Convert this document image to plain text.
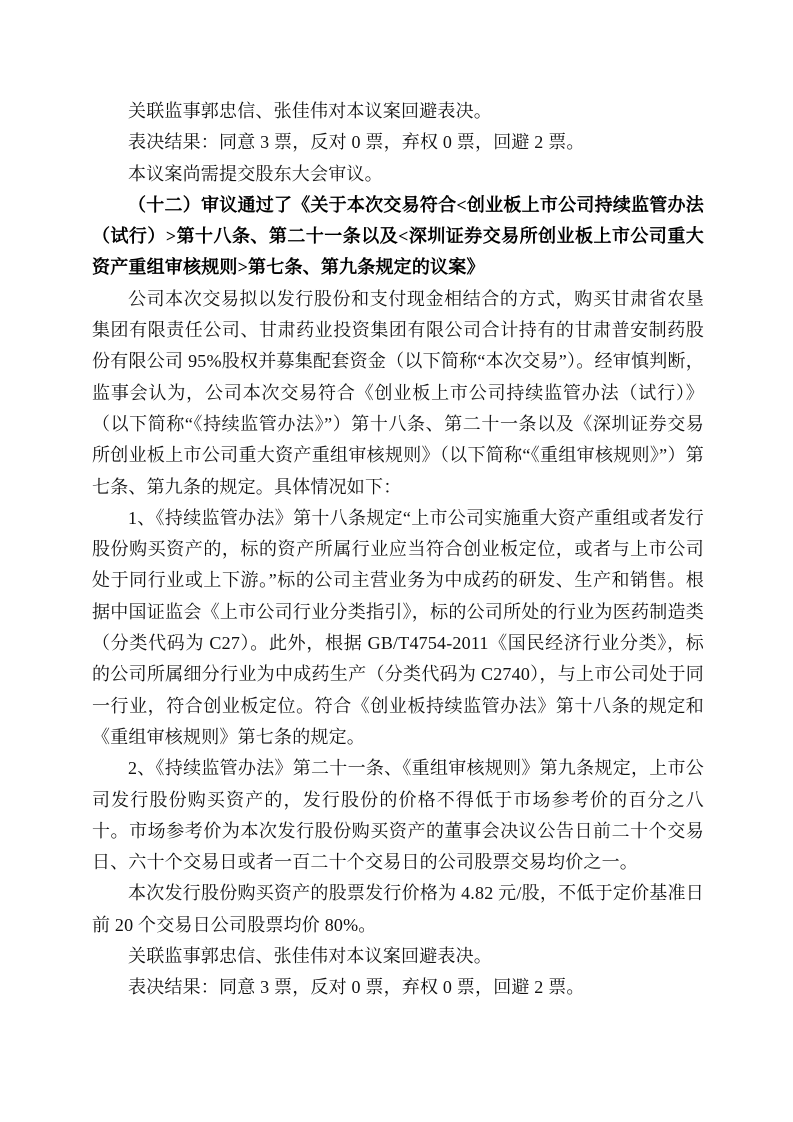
关联监事郭忠信、张佳伟对本议案回避表决。

表决结果：同意 3 票，反对 0 票，弃权 0 票，回避 2 票。

本议案尚需提交股东大会审议。

（十二）审议通过了《关于本次交易符合<创业板上市公司持续监管办法（试行）>第十八条、第二十一条以及<深圳证券交易所创业板上市公司重大资产重组审核规则>第七条、第九条规定的议案》

公司本次交易拟以发行股份和支付现金相结合的方式，购买甘肃省农垦集团有限责任公司、甘肃药业投资集团有限公司合计持有的甘肃普安制药股份有限公司 95%股权并募集配套资金（以下简称“本次交易”）。经审慎判断，监事会认为，公司本次交易符合《创业板上市公司持续监管办法（试行）》（以下简称“《持续监管办法》”）第十八条、第二十一条以及《深圳证券交易所创业板上市公司重大资产重组审核规则》（以下简称“《重组审核规则》”）第七条、第九条的规定。具体情况如下：

1、《持续监管办法》第十八条规定“上市公司实施重大资产重组或者发行股份购买资产的，标的资产所属行业应当符合创业板定位，或者与上市公司处于同行业或上下游。”标的公司主营业务为中成药的研发、生产和销售。根据中国证监会《上市公司行业分类指引》，标的公司所处的行业为医药制造类（分类代码为 C27）。此外，根据 GB/T4754-2011《国民经济行业分类》，标的公司所属细分行业为中成药生产（分类代码为 C2740），与上市公司处于同一行业，符合创业板定位。符合《创业板持续监管办法》第十八条的规定和《重组审核规则》第七条的规定。

2、《持续监管办法》第二十一条、《重组审核规则》第九条规定，上市公司发行股份购买资产的，发行股份的价格不得低于市场参考价的百分之八十。市场参考价为本次发行股份购买资产的董事会决议公告日前二十个交易日、六十个交易日或者一百二十个交易日的公司股票交易均价之一。

本次发行股份购买资产的股票发行价格为 4.82 元/股，不低于定价基准日前 20 个交易日公司股票均价 80%。

关联监事郭忠信、张佳伟对本议案回避表决。

表决结果：同意 3 票，反对 0 票，弃权 0 票，回避 2 票。
